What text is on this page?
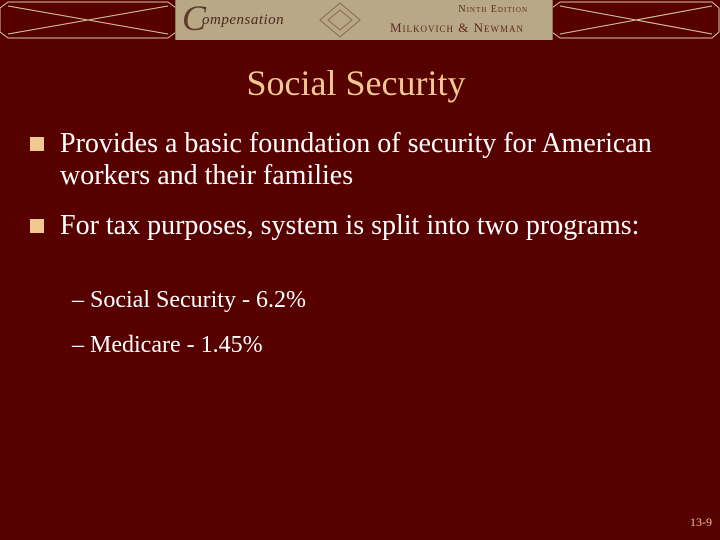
C
ompensation
Ninth Edition
Milkovich & Newman
Social Security
Provides a basic foundation of security for American workers and their families
For tax purposes, system is split into two programs:
– Social Security - 6.2%
– Medicare - 1.45%
13-9
